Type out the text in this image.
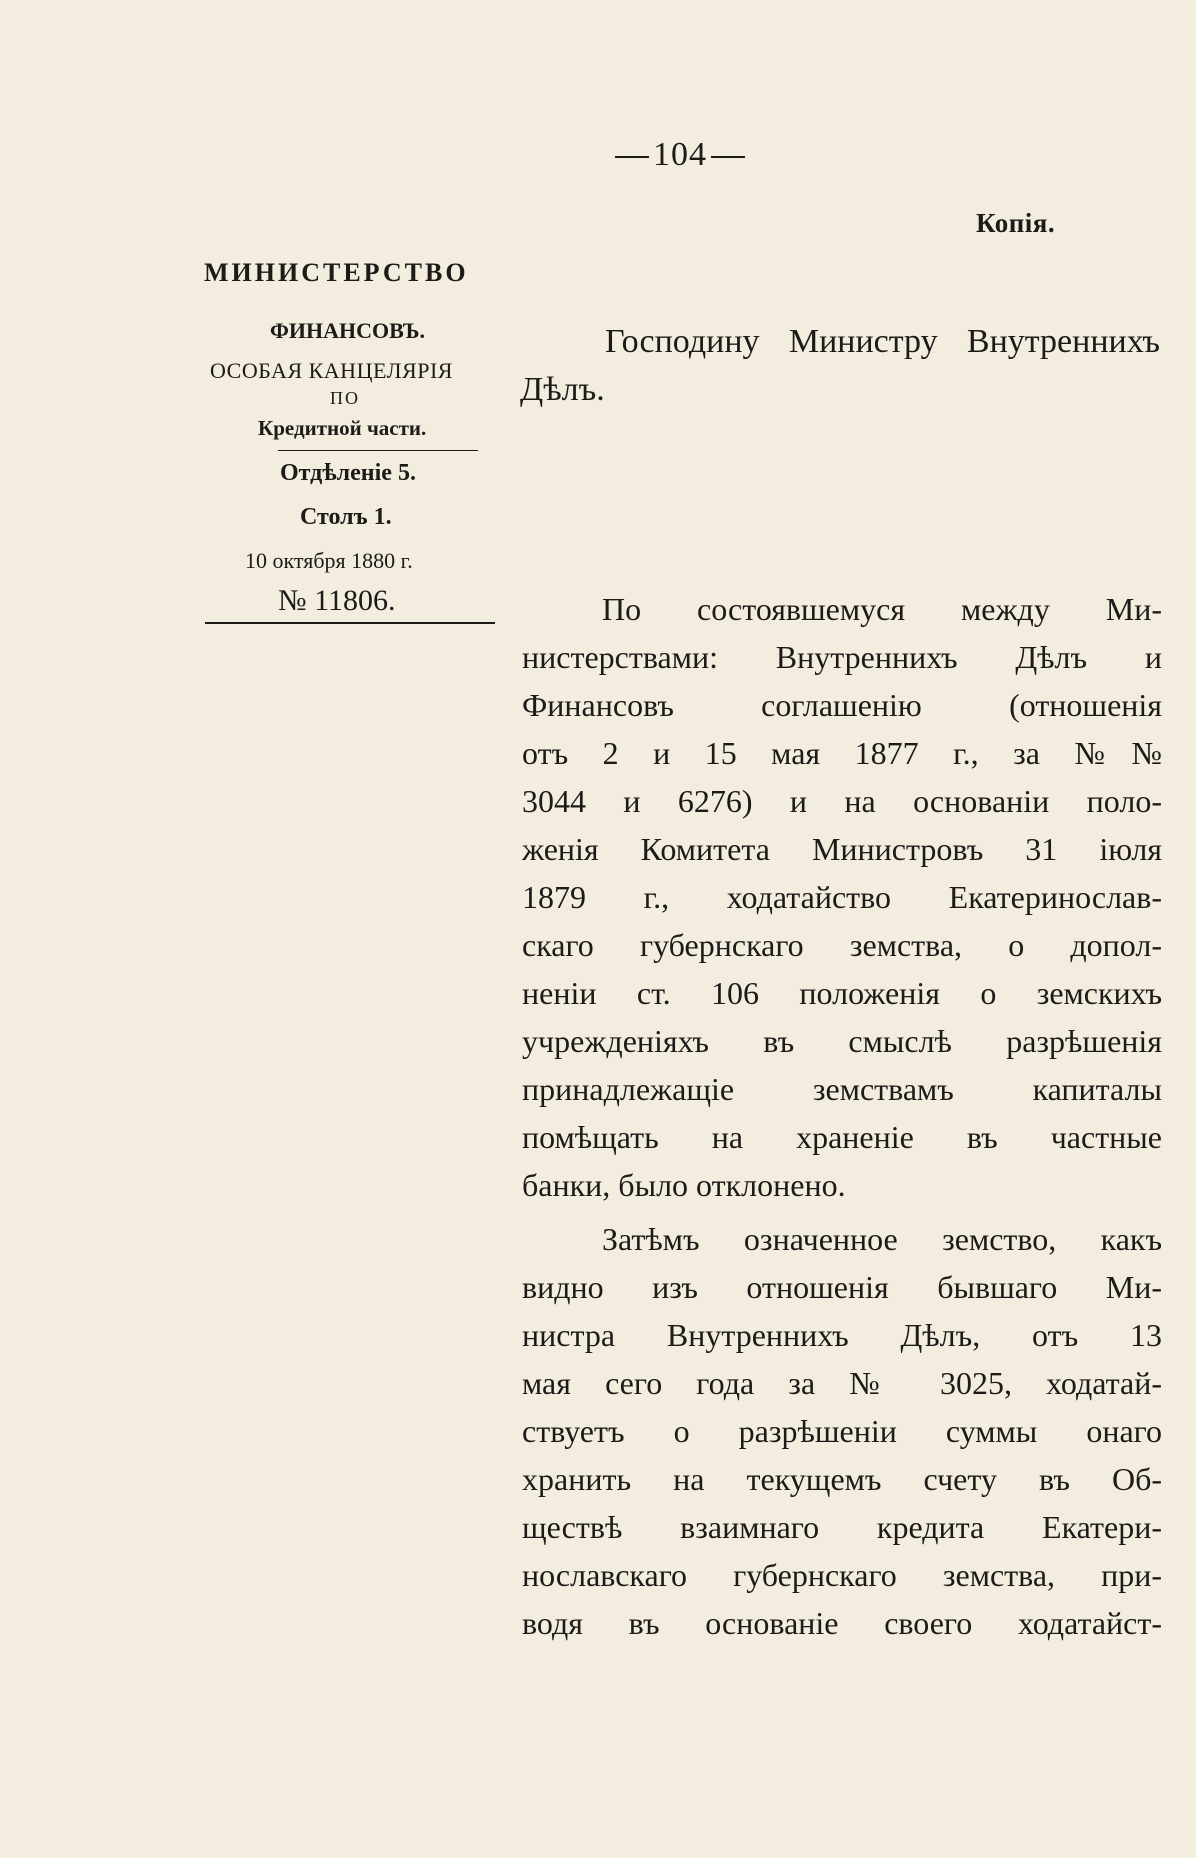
104
Копія.
МИНИСТЕРСТВО
ФИНАНСОВЪ.
ОСОБАЯ КАНЦЕЛЯРІЯ
ПО
Кредитной части.
Отдѣленіе 5.
Столъ 1.
10 октября 1880 г.
№ 11806.
Господину Министру Внутреннихъ Дѣлъ.
По состоявшемуся между Ми-
нистерствами: Внутреннихъ Дѣлъ и
Финансовъ соглашенію (отношенія
отъ 2 и 15 мая 1877 г., за №№
3044 и 6276) и на основаніи поло-
женія Комитета Министровъ 31 іюля
1879 г., ходатайство Екатеринослав-
скаго губернскаго земства, о допол-
неніи ст. 106 положенія о земскихъ
учрежденіяхъ въ смыслѣ разрѣшенія
принадлежащіе земствамъ капиталы
помѣщать на храненіе въ частные
банки, было отклонено.
Затѣмъ означенное земство, какъ
видно изъ отношенія бывшаго Ми-
нистра Внутреннихъ Дѣлъ, отъ 13
мая сего года за № 3025, ходатай-
ствуетъ о разрѣшеніи суммы онаго
хранить на текущемъ счету въ Об-
ществѣ взаимнаго кредита Екатери-
нославскаго губернскаго земства, при-
водя въ основаніе своего ходатайст-
